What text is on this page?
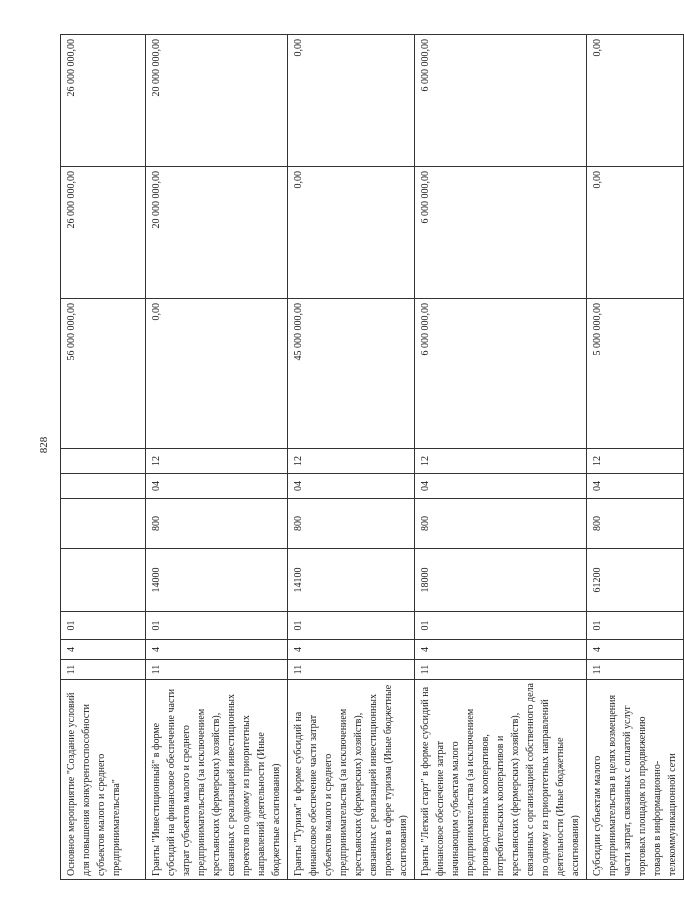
828
Основное мероприятие "Создание условий для повышения конкурентоспособности субъектов малого и среднего предпринимательства"	11	4	01					56 000 000,00	26 000 000,00	26 000 000,00
Гранты "Инвестиционный" в форме субсидий на финансовое обеспечение части затрат субъектов малого и среднего предпринимательства (за исключением крестьянских (фермерских) хозяйств), связанных с реализацией инвестиционных проектов по одному из приоритетных направлений деятельности (Иные бюджетные ассигнования)	11	4	01	14000	800	04	12	0,00	20 000 000,00	20 000 000,00
Гранты "Туризм" в форме субсидий на финансовое обеспечение части затрат субъектов малого и среднего предпринимательства (за исключением крестьянских (фермерских) хозяйств), связанных с реализацией инвестиционных проектов в сфере туризма (Иные бюджетные ассигнования)	11	4	01	14100	800	04	12	45 000 000,00	0,00	0,00
Гранты "Легкий старт" в форме субсидий на финансовое обеспечение затрат начинающим субъектам малого предпринимательства (за исключением производственных кооперативов, потребительских кооперативов и крестьянских (фермерских) хозяйств), связанных с организацией собственного дела по одному из приоритетных направлений деятельности (Иные бюджетные ассигнования)	11	4	01	18000	800	04	12	6 000 000,00	6 000 000,00	6 000 000,00
Субсидии субъектам малого предпринимательства в целях возмещения части затрат, связанных с оплатой услуг торговых площадок по продвижению товаров в информационно-телекоммуникационной сети	11	4	01	61200	800	04	12	5 000 000,00	0,00	0,00
